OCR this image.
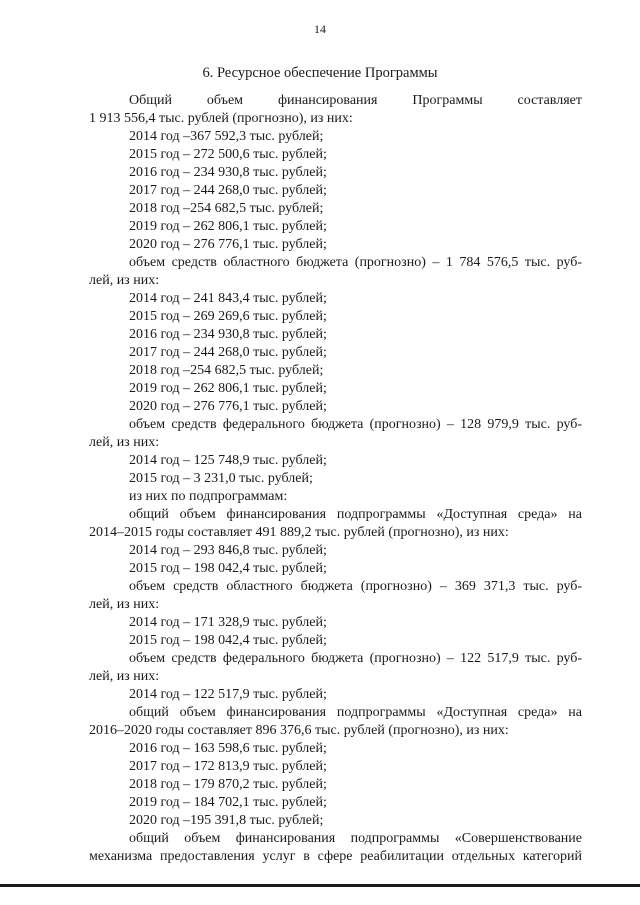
14
6. Ресурсное обеспечение Программы
Общий объем финансирования Программы составляет
1 913 556,4 тыс. рублей (прогнозно), из них:
2014 год –367 592,3 тыс. рублей;
2015 год – 272 500,6 тыс. рублей;
2016 год – 234 930,8 тыс. рублей;
2017 год – 244 268,0 тыс. рублей;
2018 год –254 682,5 тыс. рублей;
2019 год – 262 806,1 тыс. рублей;
2020 год – 276 776,1 тыс. рублей;
объем средств областного бюджета (прогнозно) – 1 784 576,5 тыс. руб-
лей, из них:
2014 год – 241 843,4 тыс. рублей;
2015 год – 269 269,6 тыс. рублей;
2016 год – 234 930,8 тыс. рублей;
2017 год – 244 268,0 тыс. рублей;
2018 год –254 682,5 тыс. рублей;
2019 год – 262 806,1 тыс. рублей;
2020 год – 276 776,1 тыс. рублей;
объем средств федерального бюджета (прогнозно) – 128 979,9 тыс. руб-
лей, из них:
2014 год – 125 748,9 тыс. рублей;
2015 год – 3 231,0 тыс. рублей;
из них по подпрограммам:
общий объем финансирования подпрограммы «Доступная среда» на
2014–2015 годы составляет 491 889,2 тыс. рублей (прогнозно), из них:
2014 год – 293 846,8 тыс. рублей;
2015 год – 198 042,4 тыс. рублей;
объем средств областного бюджета (прогнозно) – 369 371,3 тыс. руб-
лей, из них:
2014 год – 171 328,9 тыс. рублей;
2015 год – 198 042,4 тыс. рублей;
объем средств федерального бюджета (прогнозно) – 122 517,9 тыс. руб-
лей, из них:
2014 год – 122 517,9 тыс. рублей;
общий объем финансирования подпрограммы «Доступная среда» на
2016–2020 годы составляет 896 376,6 тыс. рублей (прогнозно), из них:
2016 год – 163 598,6 тыс. рублей;
2017 год – 172 813,9 тыс. рублей;
2018 год – 179 870,2 тыс. рублей;
2019 год – 184 702,1 тыс. рублей;
2020 год –195 391,8 тыс. рублей;
общий объем финансирования подпрограммы «Совершенствование
механизма предоставления услуг в сфере реабилитации отдельных категорий
